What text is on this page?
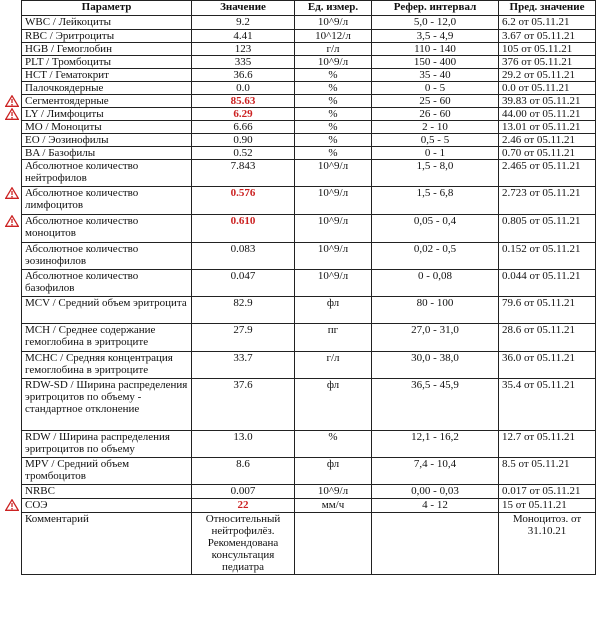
Параметр	Значение	Ед. измер.	Рефер. интервал	Пред. значение
WBC / Лейкоциты	9.2	10^9/л	5,0 - 12,0	6.2 от 05.11.21
RBC / Эритроциты	4.41	10^12/л	3,5 - 4,9	3.67 от 05.11.21
HGB / Гемоглобин	123	г/л	110 - 140	105 от 05.11.21
PLT / Тромбоциты	335	10^9/л	150 - 400	376 от 05.11.21
HCT / Гематокрит	36.6	%	35 - 40	29.2 от 05.11.21
Палочкоядерные	0.0	%	0 - 5	0.0 от 05.11.21
Сегментоядерные	85.63	%	25 - 60	39.83 от 05.11.21
LY / Лимфоциты	6.29	%	26 - 60	44.00 от 05.11.21
MO / Моноциты	6.66	%	2 - 10	13.01 от 05.11.21
EO / Эозинофилы	0.90	%	0,5 - 5	2.46 от 05.11.21
BA / Базофилы	0.52	%	0 - 1	0.70 от 05.11.21
Абсолютное количество нейтрофилов	7.843	10^9/л	1,5 - 8,0	2.465 от 05.11.21
Абсолютное количество лимфоцитов	0.576	10^9/л	1,5 - 6,8	2.723 от 05.11.21
Абсолютное количество моноцитов	0.610	10^9/л	0,05 - 0,4	0.805 от 05.11.21
Абсолютное количество эозинофилов	0.083	10^9/л	0,02 - 0,5	0.152 от 05.11.21
Абсолютное количество базофилов	0.047	10^9/л	0 - 0,08	0.044 от 05.11.21
MCV / Средний объем эритроцита	82.9	фл	80 - 100	79.6 от 05.11.21
MCH / Среднее содержание гемоглобина в эритроците	27.9	пг	27,0 - 31,0	28.6 от 05.11.21
MCHC / Средняя концентрация гемоглобина в эритроците	33.7	г/л	30,0 - 38,0	36.0 от 05.11.21
RDW-SD / Ширина распределения эритроцитов по объему - стандартное отклонение	37.6	фл	36,5 - 45,9	35.4 от 05.11.21
RDW / Ширина распределения эритроцитов по объему	13.0	%	12,1 - 16,2	12.7 от 05.11.21
MPV / Средний объем тромбоцитов	8.6	фл	7,4 - 10,4	8.5 от 05.11.21
NRBC	0.007	10^9/л	0,00 - 0,03	0.017 от 05.11.21
СОЭ	22	мм/ч	4 - 12	15 от 05.11.21
Комментарий	Относительный нейтрофилёз. Рекомендована консультация педиатра			Моноцитоз. от 31.10.21
